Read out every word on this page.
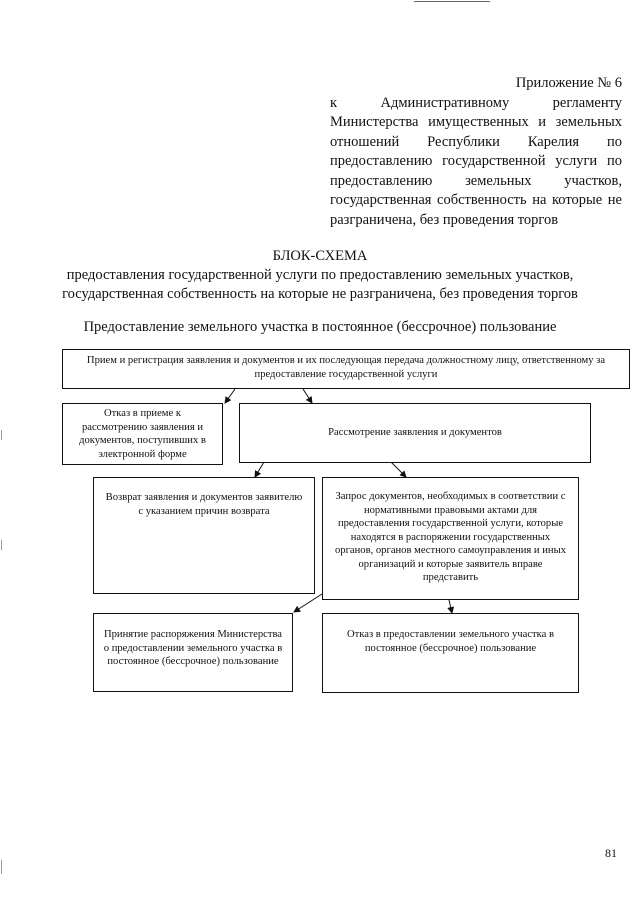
Приложение № 6
к Административному регламенту Министерства имущественных и земельных отношений Республики Карелия по предоставлению государственной услуги по предоставлению земельных участков, государственная собственность на которые не разграничена, без проведения торгов
БЛОК-СХЕМА
предоставления государственной услуги по предоставлению земельных участков,
государственная собственность на которые не разграничена, без проведения торгов
Предоставление земельного участка в постоянное (бессрочное) пользование
Прием и регистрация заявления и документов и их последующая передача должностному лицу, ответственному за предоставление государственной услуги
Отказ в приеме к рассмотрению заявления и документов, поступивших в электронной форме
Рассмотрение заявления и документов
Возврат заявления и документов заявителю с указанием причин возврата
Запрос документов, необходимых в соответствии с нормативными правовыми актами для предоставления государственной услуги, которые находятся в распоряжении государственных органов, органов местного самоуправления и иных организаций и которые заявитель вправе представить
Принятие распоряжения Министерства о предоставлении земельного участка в постоянное (бессрочное) пользование
Отказ в предоставлении земельного участка в постоянное (бессрочное) пользование
81
